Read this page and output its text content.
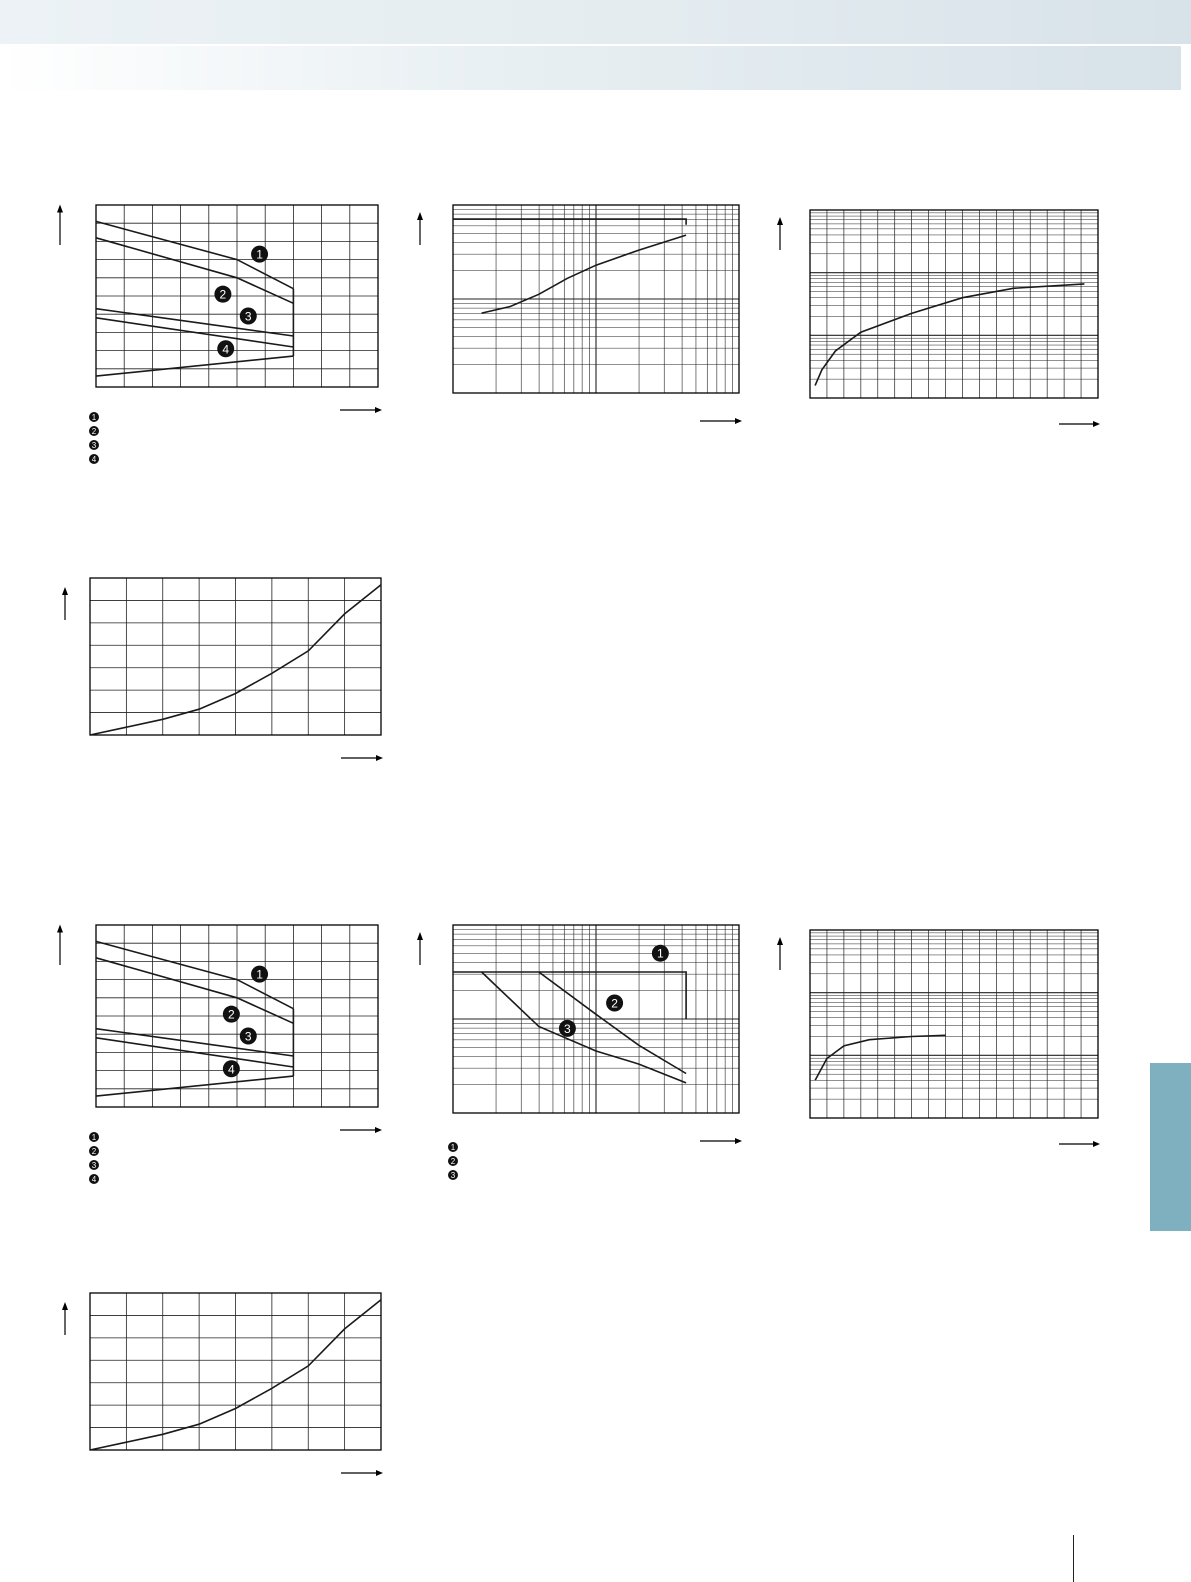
1
2
3
4
1
2
3
4
1
2
3
4
1
2
3
4
1
2
3
1
2
3
